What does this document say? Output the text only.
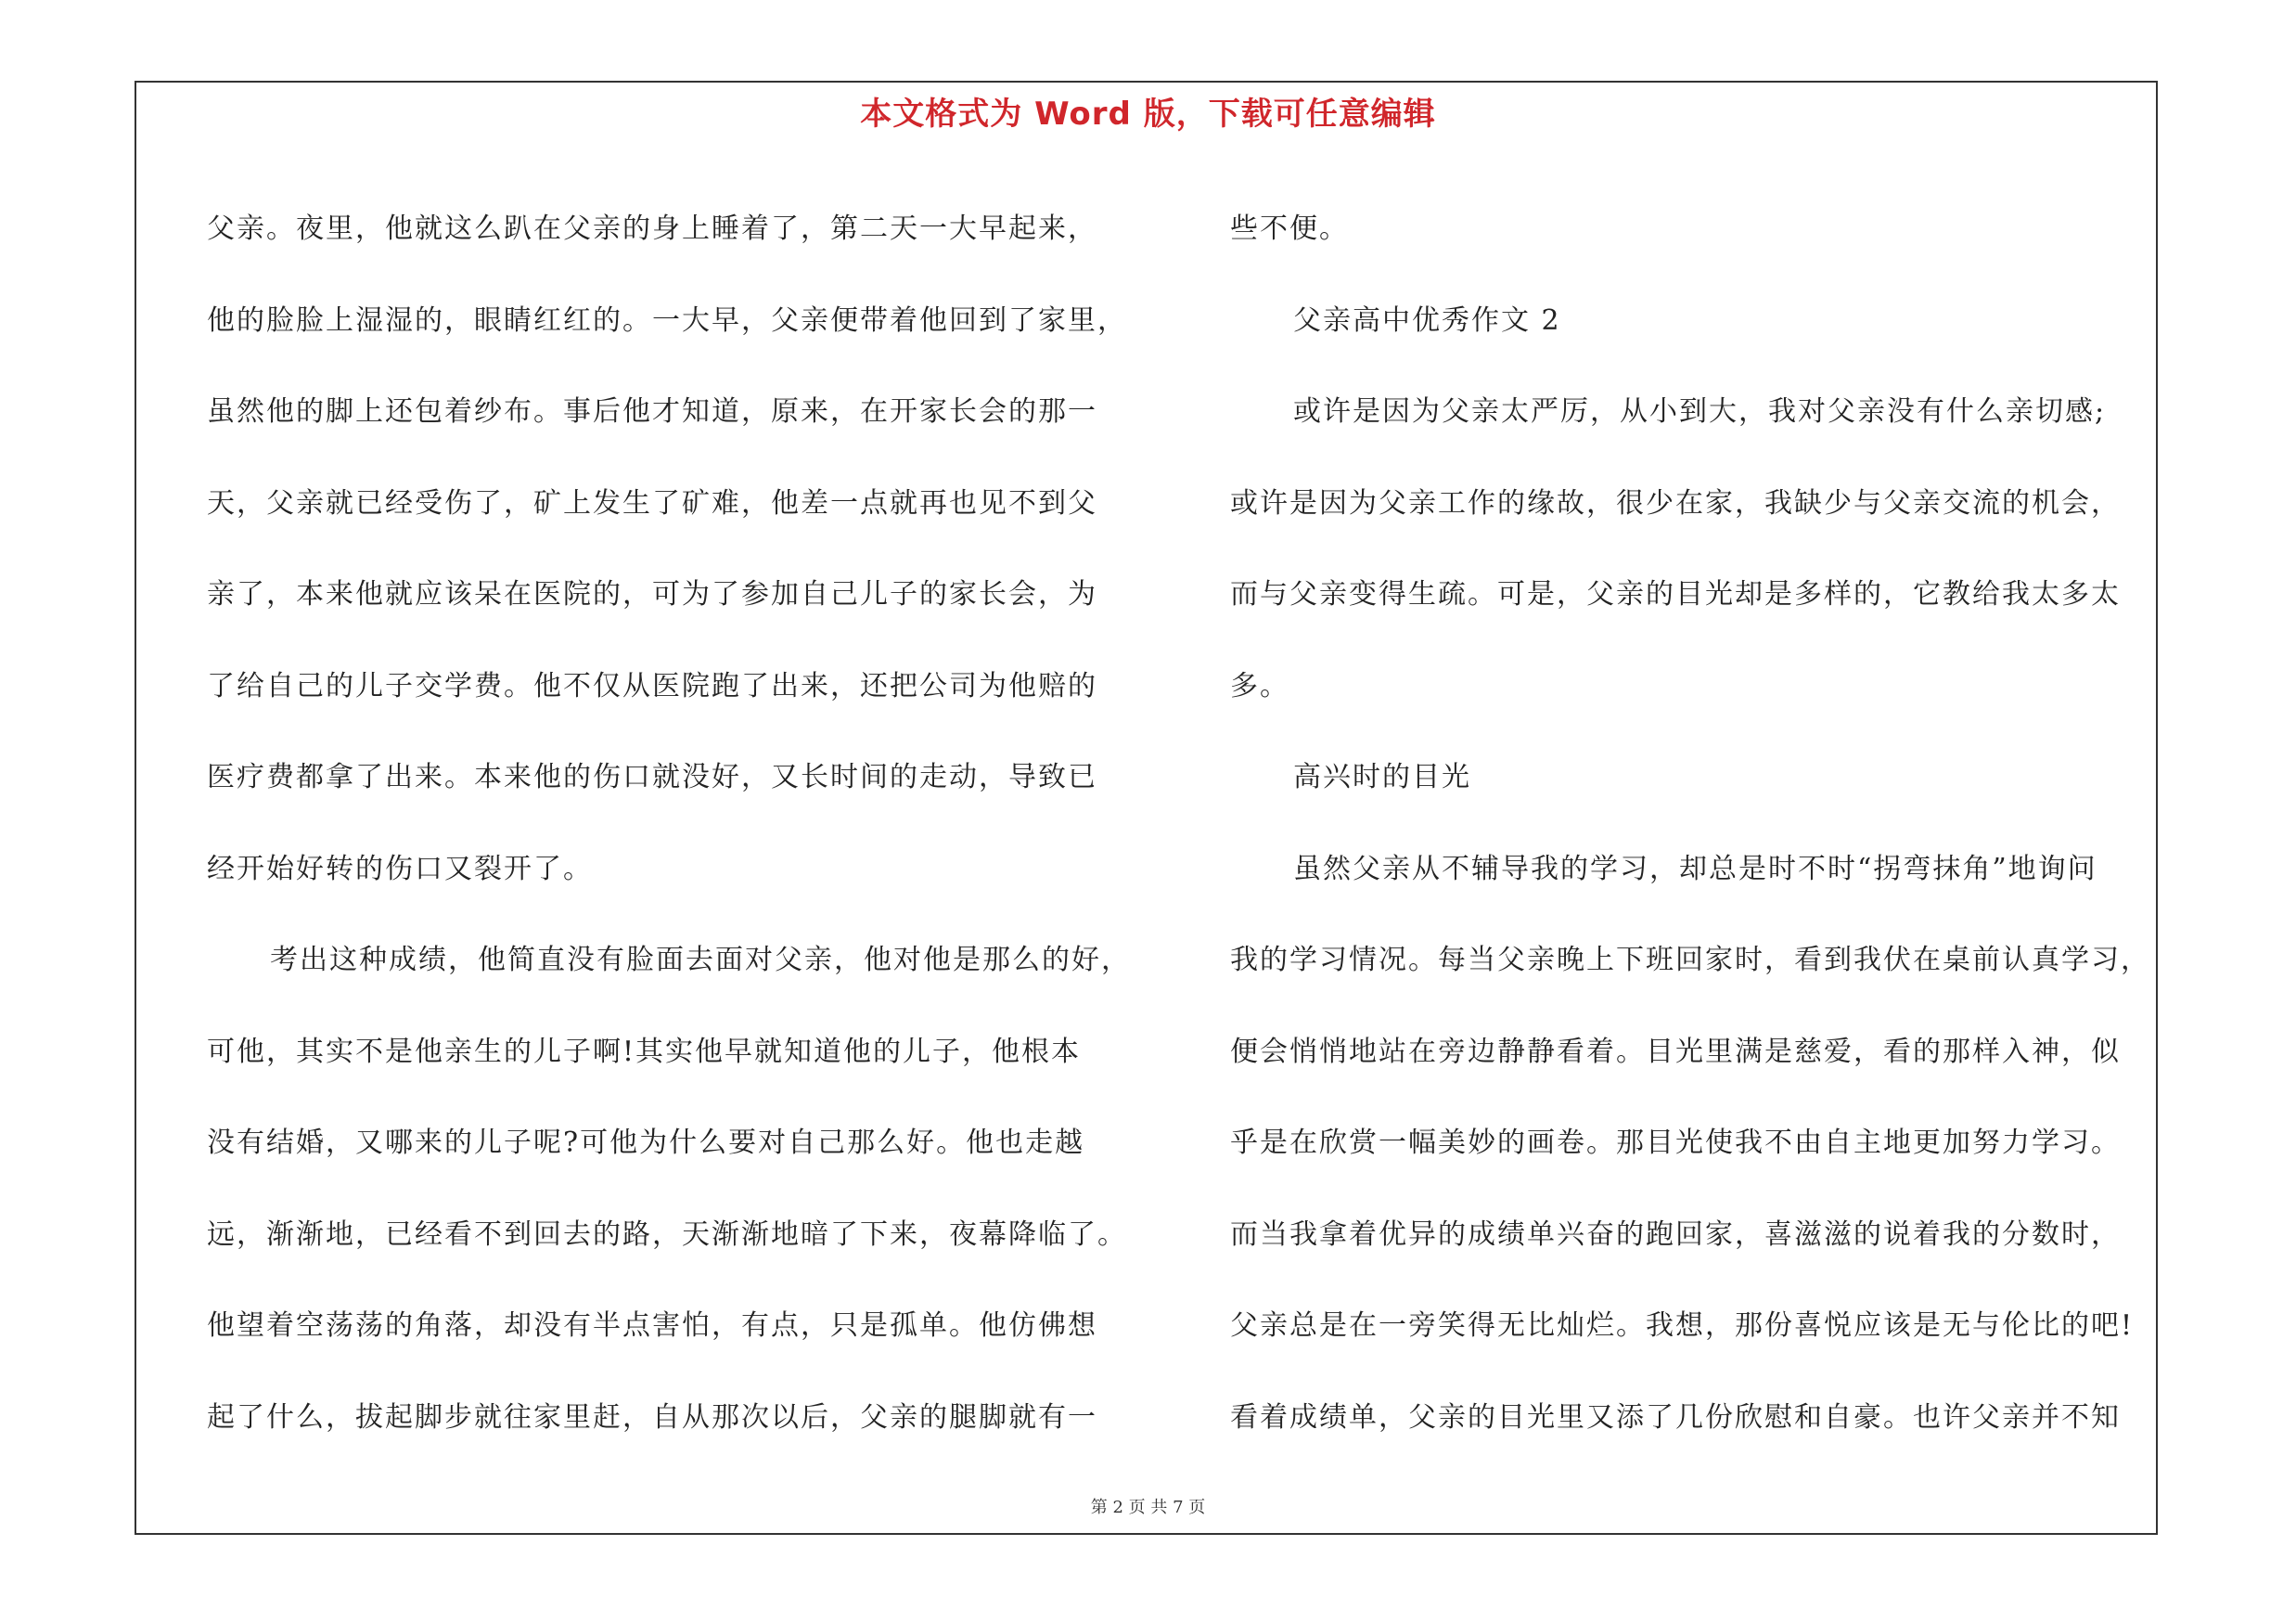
本文格式为 Word 版，下载可任意编辑
父亲。夜里，他就这么趴在父亲的身上睡着了，第二天一大早起来，
他的脸脸上湿湿的，眼睛红红的。一大早，父亲便带着他回到了家里，
虽然他的脚上还包着纱布。事后他才知道，原来，在开家长会的那一
天，父亲就已经受伤了，矿上发生了矿难，他差一点就再也见不到父
亲了，本来他就应该呆在医院的，可为了参加自己儿子的家长会，为
了给自己的儿子交学费。他不仅从医院跑了出来，还把公司为他赔的
医疗费都拿了出来。本来他的伤口就没好，又长时间的走动，导致已
经开始好转的伤口又裂开了。
考出这种成绩，他简直没有脸面去面对父亲，他对他是那么的好，
可他，其实不是他亲生的儿子啊!其实他早就知道他的儿子，他根本
没有结婚，又哪来的儿子呢?可他为什么要对自己那么好。他也走越
远，渐渐地，已经看不到回去的路，天渐渐地暗了下来，夜幕降临了。
他望着空荡荡的角落，却没有半点害怕，有点，只是孤单。他仿佛想
起了什么，拔起脚步就往家里赶，自从那次以后，父亲的腿脚就有一
些不便。
父亲高中优秀作文 2
或许是因为父亲太严厉，从小到大，我对父亲没有什么亲切感;
或许是因为父亲工作的缘故，很少在家，我缺少与父亲交流的机会，
而与父亲变得生疏。可是，父亲的目光却是多样的，它教给我太多太
多。
高兴时的目光
虽然父亲从不辅导我的学习，却总是时不时“拐弯抹角”地询问
我的学习情况。每当父亲晚上下班回家时，看到我伏在桌前认真学习，
便会悄悄地站在旁边静静看着。目光里满是慈爱，看的那样入神，似
乎是在欣赏一幅美妙的画卷。那目光使我不由自主地更加努力学习。
而当我拿着优异的成绩单兴奋的跑回家，喜滋滋的说着我的分数时，
父亲总是在一旁笑得无比灿烂。我想，那份喜悦应该是无与伦比的吧!
看着成绩单，父亲的目光里又添了几份欣慰和自豪。也许父亲并不知
第 2 页 共 7 页
